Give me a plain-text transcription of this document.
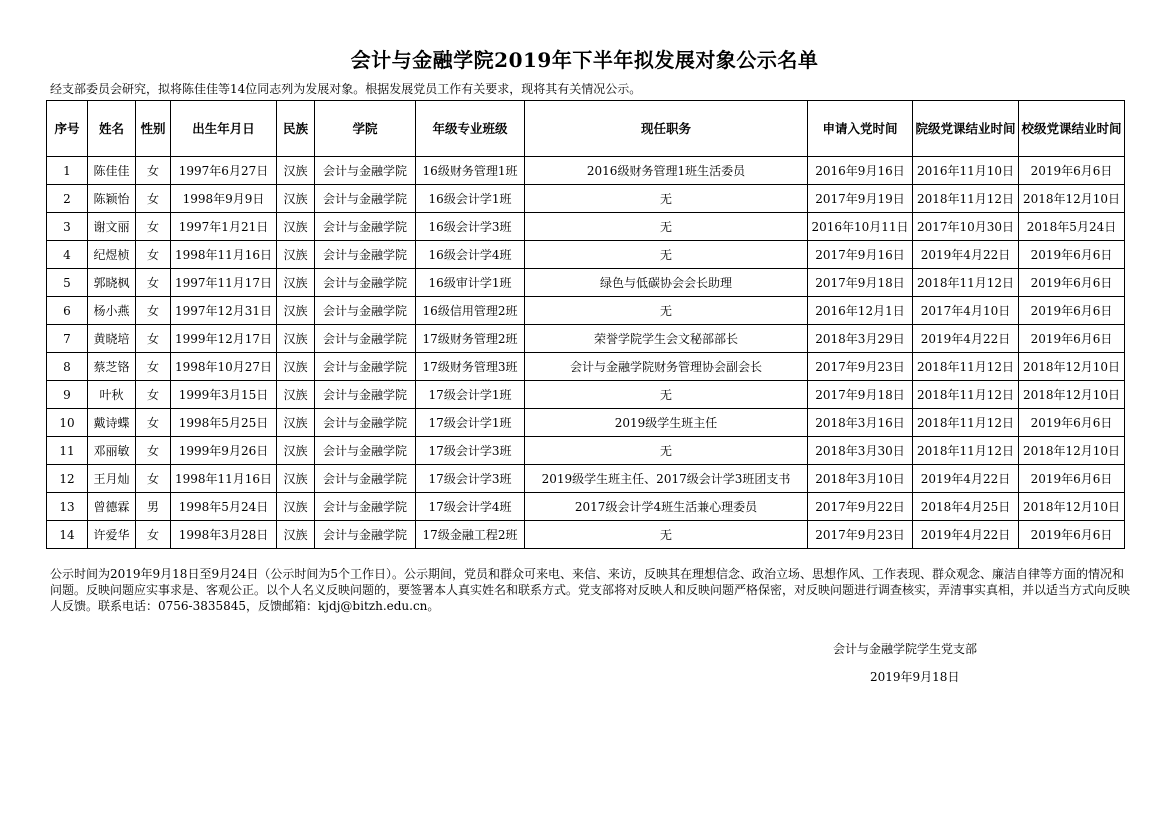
会计与金融学院2019年下半年拟发展对象公示名单
经支部委员会研究，拟将陈佳佳等14位同志列为发展对象。根据发展党员工作有关要求，现将其有关情况公示。
序号	姓名	性别	出生年月日	民族	学院	年级专业班级	现任职务	申请入党时间	院级党课结业时间	校级党课结业时间
1	陈佳佳	女	1997年6月27日	汉族	会计与金融学院	16级财务管理1班	2016级财务管理1班生活委员	2016年9月16日	2016年11月10日	2019年6月6日
2	陈颖怡	女	1998年9月9日	汉族	会计与金融学院	16级会计学1班	无	2017年9月19日	2018年11月12日	2018年12月10日
3	谢文丽	女	1997年1月21日	汉族	会计与金融学院	16级会计学3班	无	2016年10月11日	2017年10月30日	2018年5月24日
4	纪煜桢	女	1998年11月16日	汉族	会计与金融学院	16级会计学4班	无	2017年9月16日	2019年4月22日	2019年6月6日
5	郭晓枫	女	1997年11月17日	汉族	会计与金融学院	16级审计学1班	绿色与低碳协会会长助理	2017年9月18日	2018年11月12日	2019年6月6日
6	杨小燕	女	1997年12月31日	汉族	会计与金融学院	16级信用管理2班	无	2016年12月1日	2017年4月10日	2019年6月6日
7	黄晓培	女	1999年12月17日	汉族	会计与金融学院	17级财务管理2班	荣誉学院学生会文秘部部长	2018年3月29日	2019年4月22日	2019年6月6日
8	蔡芝铬	女	1998年10月27日	汉族	会计与金融学院	17级财务管理3班	会计与金融学院财务管理协会副会长	2017年9月23日	2018年11月12日	2018年12月10日
9	叶秋	女	1999年3月15日	汉族	会计与金融学院	17级会计学1班	无	2017年9月18日	2018年11月12日	2018年12月10日
10	戴诗蝶	女	1998年5月25日	汉族	会计与金融学院	17级会计学1班	2019级学生班主任	2018年3月16日	2018年11月12日	2019年6月6日
11	邓丽敏	女	1999年9月26日	汉族	会计与金融学院	17级会计学3班	无	2018年3月30日	2018年11月12日	2018年12月10日
12	王月灿	女	1998年11月16日	汉族	会计与金融学院	17级会计学3班	2019级学生班主任、2017级会计学3班团支书	2018年3月10日	2019年4月22日	2019年6月6日
13	曾德霖	男	1998年5月24日	汉族	会计与金融学院	17级会计学4班	2017级会计学4班生活兼心理委员	2017年9月22日	2018年4月25日	2018年12月10日
14	许爱华	女	1998年3月28日	汉族	会计与金融学院	17级金融工程2班	无	2017年9月23日	2019年4月22日	2019年6月6日
公示时间为2019年9月18日至9月24日（公示时间为5个工作日）。公示期间，党员和群众可来电、来信、来访，反映其在理想信念、政治立场、思想作风、工作表现、群众观念、廉洁自律等方面的情况和问题。反映问题应实事求是、客观公正。以个人名义反映问题的，要签署本人真实姓名和联系方式。党支部将对反映人和反映问题严格保密，对反映问题进行调查核实，弄清事实真相，并以适当方式向反映人反馈。联系电话：0756-3835845，反馈邮箱：kjdj@bitzh.edu.cn。
会计与金融学院学生党支部
2019年9月18日
